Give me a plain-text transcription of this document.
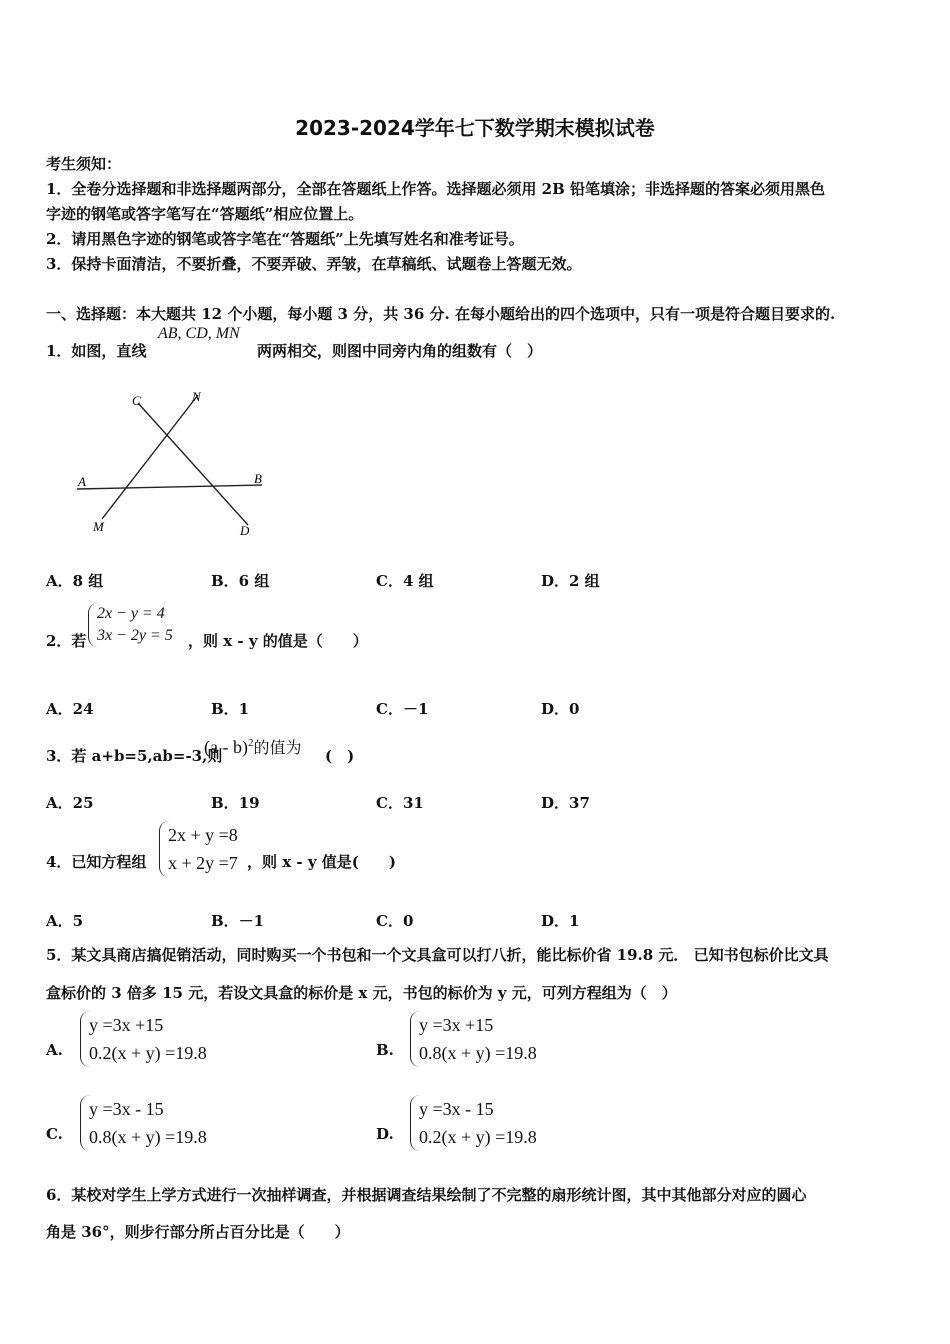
2023-2024学年七下数学期末模拟试卷
考生须知：
1．全卷分选择题和非选择题两部分，全部在答题纸上作答。选择题必须用 2B 铅笔填涂；非选择题的答案必须用黑色
字迹的钢笔或答字笔写在“答题纸”相应位置上。
2．请用黑色字迹的钢笔或答字笔在“答题纸”上先填写姓名和准考证号。
3．保持卡面清洁，不要折叠，不要弄破、弄皱，在草稿纸、试题卷上答题无效。
一、选择题：本大题共 12 个小题，每小题 3 分，共 36 分. 在每小题给出的四个选项中，只有一项是符合题目要求的.
1．如图，直线
AB, CD, MN
两两相交，则图中同旁内角的组数有（　）
A	B
C
D
M
N
A．8 组	B．6 组	C．4 组	D．2 组
2．若
2x − y = 4
3x − 2y = 5 ，则 x - y 的值是（　　）
A．24	B．1	C．－1	D．0
3．若 a+b=5,ab=-3,则
(a - b)$^2$的值为 (　)
A．25	B．19	C．31	D．37
4．已知方程组
2x + y =8
x + 2y =7 ，则 x - y 值是(　　)
A．5	B．－1	C．0	D．1
5．某文具商店搞促销活动，同时购买一个书包和一个文具盒可以打八折，能比标价省 19.8 元． 已知书包标价比文具
盒标价的 3 倍多 15 元，若设文具盒的标价是 x 元，书包的标价为 y 元，可列方程组为（　）
A.
y =3x +15
0.2(x + y) =19.8	B.
y =3x +15
0.8(x + y) =19.8
C.
y =3x - 15
0.8(x + y) =19.8	D.
y =3x - 15
0.2(x + y) =19.8
6．某校对学生上学方式进行一次抽样调查，并根据调查结果绘制了不完整的扇形统计图，其中其他部分对应的圆心
角是 36°，则步行部分所占百分比是（　　）
